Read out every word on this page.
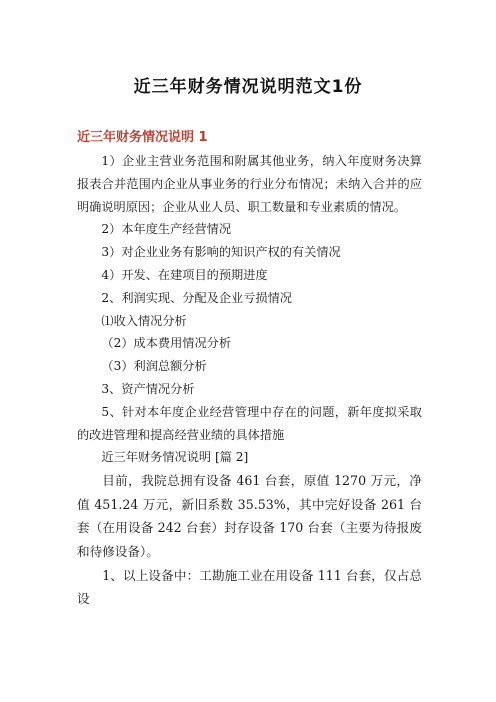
近三年财务情况说明范文1份
近三年财务情况说明 1

1）企业主营业务范围和附属其他业务，纳入年度财务决算报表合并范围内企业从事业务的行业分布情况；未纳入合并的应明确说明原因；企业从业人员、职工数量和专业素质的情况。

2）本年度生产经营情况

3）对企业业务有影响的知识产权的有关情况

4）开发、在建项目的预期进度

2、利润实现、分配及企业亏损情况

⑴收入情况分析

（2）成本费用情况分析

（3）利润总额分析

3、资产情况分析

5、针对本年度企业经营管理中存在的问题，新年度拟采取的改进管理和提高经营业绩的具体措施

近三年财务情况说明 [篇 2]

目前，我院总拥有设备 461 台套，原值 1270 万元，净值 451.24 万元，新旧系数 35.53%，其中完好设备 261 台套（在用设备 242 台套）封存设备 170 台套（主要为待报废和待修设备）。

1、以上设备中：工勘施工业在用设备 111 台套，仅占总设
